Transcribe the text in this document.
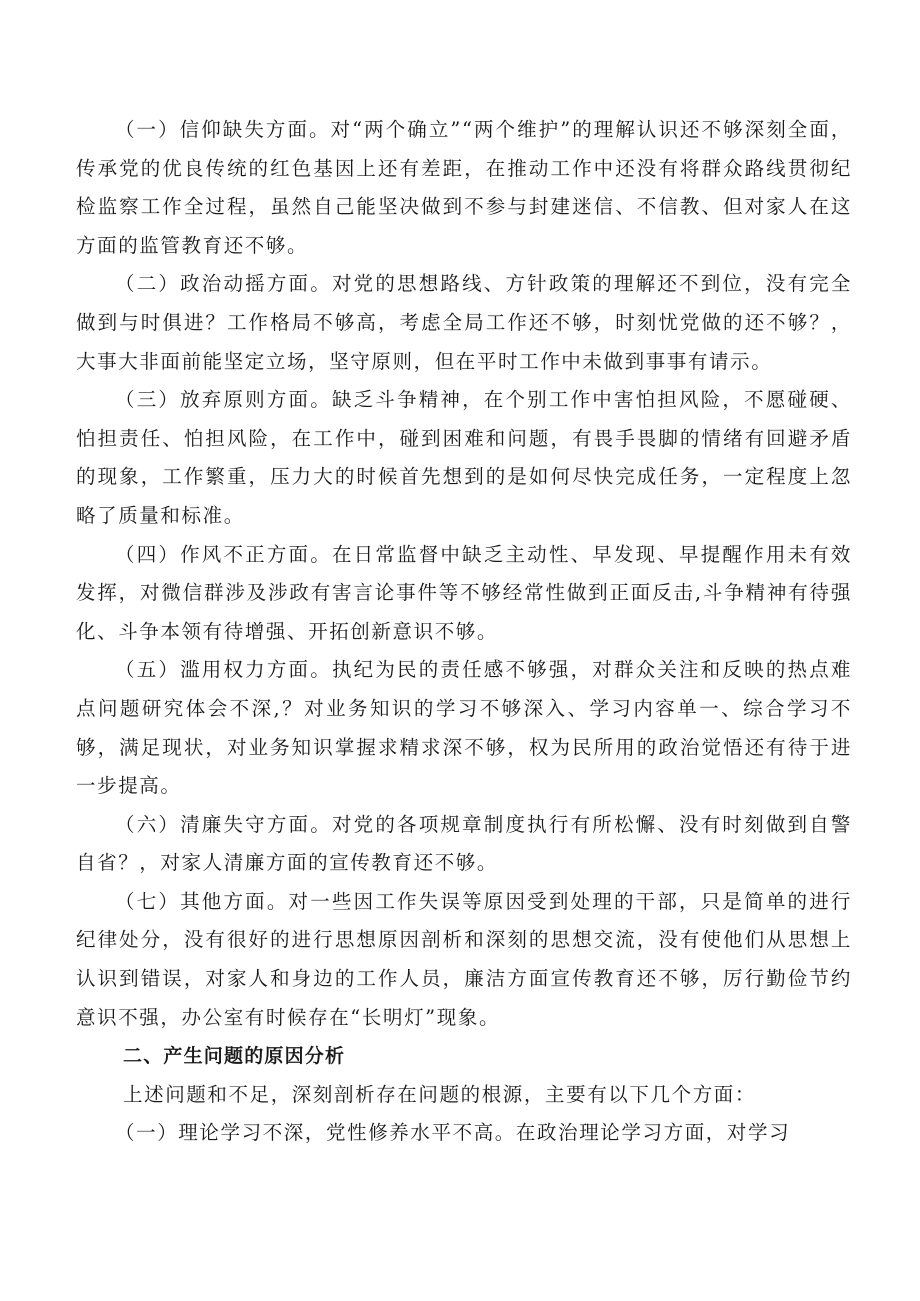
（一）信仰缺失方面。对“两个确立”“两个维护”的理解认识还不够深刻全面，传承党的优良传统的红色基因上还有差距，在推动工作中还没有将群众路线贯彻纪检监察工作全过程，虽然自己能坚决做到不参与封建迷信、不信教、但对家人在这方面的监管教育还不够。

（二）政治动摇方面。对党的思想路线、方针政策的理解还不到位，没有完全做到与时俱进？工作格局不够高，考虑全局工作还不够，时刻忧党做的还不够？，大事大非面前能坚定立场，坚守原则，但在平时工作中未做到事事有请示。

（三）放弃原则方面。缺乏斗争精神，在个别工作中害怕担风险，不愿碰硬、怕担责任、怕担风险，在工作中，碰到困难和问题，有畏手畏脚的情绪有回避矛盾的现象，工作繁重，压力大的时候首先想到的是如何尽快完成任务，一定程度上忽略了质量和标准。

（四）作风不正方面。在日常监督中缺乏主动性、早发现、早提醒作用未有效发挥，对微信群涉及涉政有害言论事件等不够经常性做到正面反击,斗争精神有待强化、斗争本领有待增强、开拓创新意识不够。

（五）滥用权力方面。执纪为民的责任感不够强，对群众关注和反映的热点难点问题研究体会不深,？对业务知识的学习不够深入、学习内容单一、综合学习不够，满足现状，对业务知识掌握求精求深不够，权为民所用的政治觉悟还有待于进一步提高。

（六）清廉失守方面。对党的各项规章制度执行有所松懈、没有时刻做到自警自省？，对家人清廉方面的宣传教育还不够。

（七）其他方面。对一些因工作失误等原因受到处理的干部，只是简单的进行纪律处分，没有很好的进行思想原因剖析和深刻的思想交流，没有使他们从思想上认识到错误，对家人和身边的工作人员，廉洁方面宣传教育还不够，厉行勤俭节约意识不强，办公室有时候存在“长明灯”现象。

二、产生问题的原因分析

上述问题和不足，深刻剖析存在问题的根源，主要有以下几个方面：

（一）理论学习不深，党性修养水平不高。在政治理论学习方面，对学习
